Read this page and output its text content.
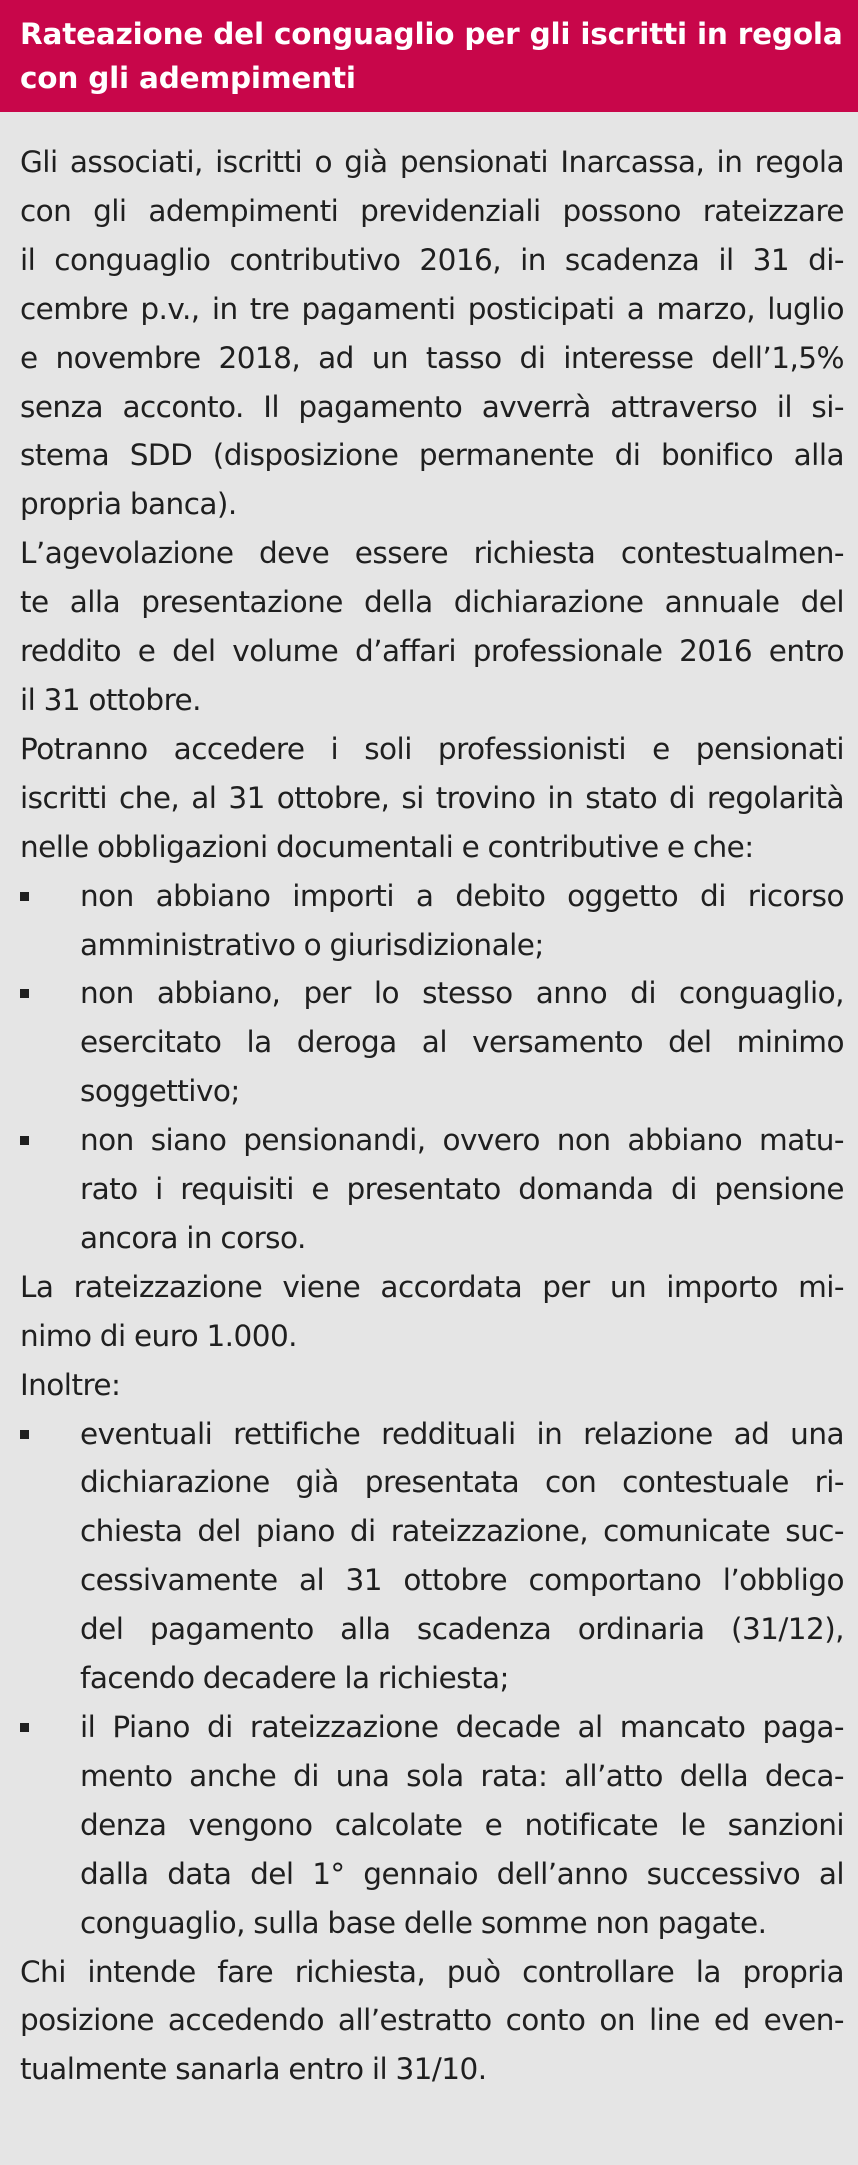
Rateazione del conguaglio per gli iscritti in regola
con gli adempimenti
Gli associati, iscritti o già pensionati Inarcassa, in regola
con gli adempimenti previdenziali possono rateizzare
il conguaglio contributivo 2016, in scadenza il 31 di-
cembre p.v., in tre pagamenti posticipati a marzo, luglio
e novembre 2018, ad un tasso di interesse dell’1,5%
senza acconto. Il pagamento avverrà attraverso il si-
stema SDD (disposizione permanente di bonifico alla
propria banca).
L’agevolazione deve essere richiesta contestualmen-
te alla presentazione della dichiarazione annuale del
reddito e del volume d’affari professionale 2016 entro
il 31 ottobre.
Potranno accedere i soli professionisti e pensionati
iscritti che, al 31 ottobre, si trovino in stato di regolarità
nelle obbligazioni documentali e contributive e che:
non abbiano importi a debito oggetto di ricorso
amministrativo o giurisdizionale;
non abbiano, per lo stesso anno di conguaglio,
esercitato la deroga al versamento del minimo
soggettivo;
non siano pensionandi, ovvero non abbiano matu-
rato i requisiti e presentato domanda di pensione
ancora in corso.
La rateizzazione viene accordata per un importo mi-
nimo di euro 1.000.
Inoltre:
eventuali rettifiche reddituali in relazione ad una
dichiarazione già presentata con contestuale ri-
chiesta del piano di rateizzazione, comunicate suc-
cessivamente al 31 ottobre comportano l’obbligo
del pagamento alla scadenza ordinaria (31/12),
facendo decadere la richiesta;
il Piano di rateizzazione decade al mancato paga-
mento anche di una sola rata: all’atto della deca-
denza vengono calcolate e notificate le sanzioni
dalla data del 1° gennaio dell’anno successivo al
conguaglio, sulla base delle somme non pagate.
Chi intende fare richiesta, può controllare la propria
posizione accedendo all’estratto conto on line ed even-
tualmente sanarla entro il 31/10.
